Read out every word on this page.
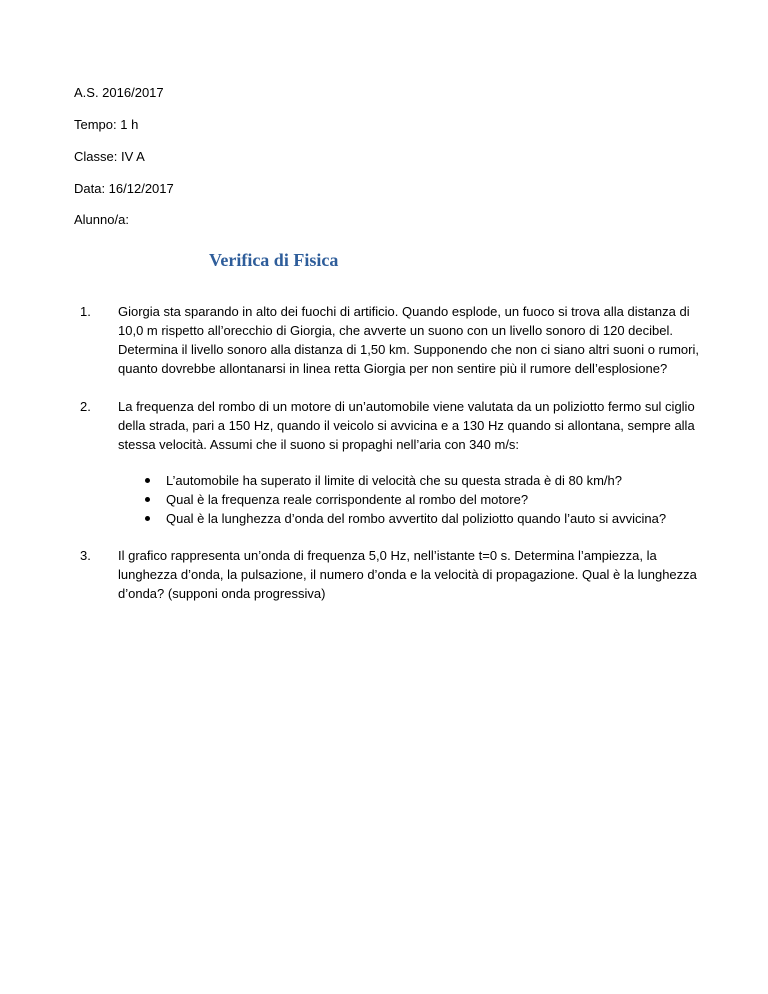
A.S. 2016/2017

Tempo: 1 h

Classe: IV A

Data: 16/12/2017

Alunno/a:

Verifica di Fisica
1. Giorgia sta sparando in alto dei fuochi di artificio. Quando esplode, un fuoco si trova alla distanza di 10,0 m rispetto all’orecchio di Giorgia, che avverte un suono con un livello sonoro di 120 decibel. Determina il livello sonoro alla distanza di 1,50 km. Supponendo che non ci siano altri suoni o rumori, quanto dovrebbe allontanarsi in linea retta Giorgia per non sentire più il rumore dell’esplosione?
2. La frequenza del rombo di un motore di un’automobile viene valutata da un poliziotto fermo sul ciglio della strada, pari a 150 Hz, quando il veicolo si avvicina e a 130 Hz quando si allontana, sempre alla stessa velocità. Assumi che il suono si propaghi nell’aria con 340 m/s:
L’automobile ha superato il limite di velocità che su questa strada è di 80 km/h?
Qual è la frequenza reale corrispondente al rombo del motore?
Qual è la lunghezza d’onda del rombo avvertito dal poliziotto quando l’auto si avvicina?
3. Il grafico rappresenta un’onda di frequenza 5,0 Hz, nell’istante t=0 s. Determina l’ampiezza, la lunghezza d’onda, la pulsazione, il numero d’onda e la velocità di propagazione. Qual è la lunghezza d’onda? (supponi onda progressiva)
